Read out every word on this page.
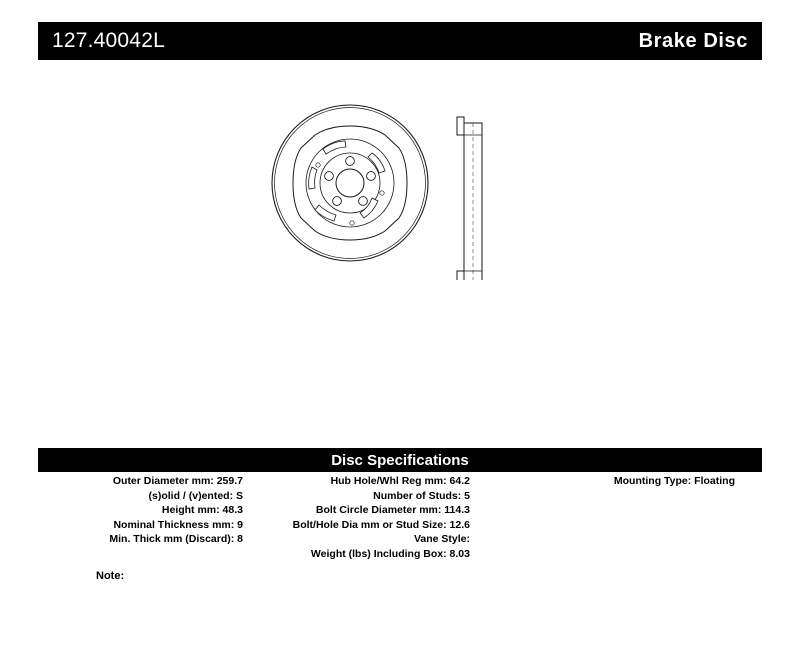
127.40042L	Brake Disc
Disc Specifications
Outer Diameter mm: 259.7
(s)olid / (v)ented: S
Height mm: 48.3
Nominal Thickness mm: 9
Min. Thick mm (Discard): 8
Hub Hole/Whl Reg mm: 64.2
Number of Studs: 5
Bolt Circle Diameter mm: 114.3
Bolt/Hole Dia mm or Stud Size: 12.6
Vane Style:
Weight (lbs) Including Box: 8.03
Mounting Type: Floating
Note:
